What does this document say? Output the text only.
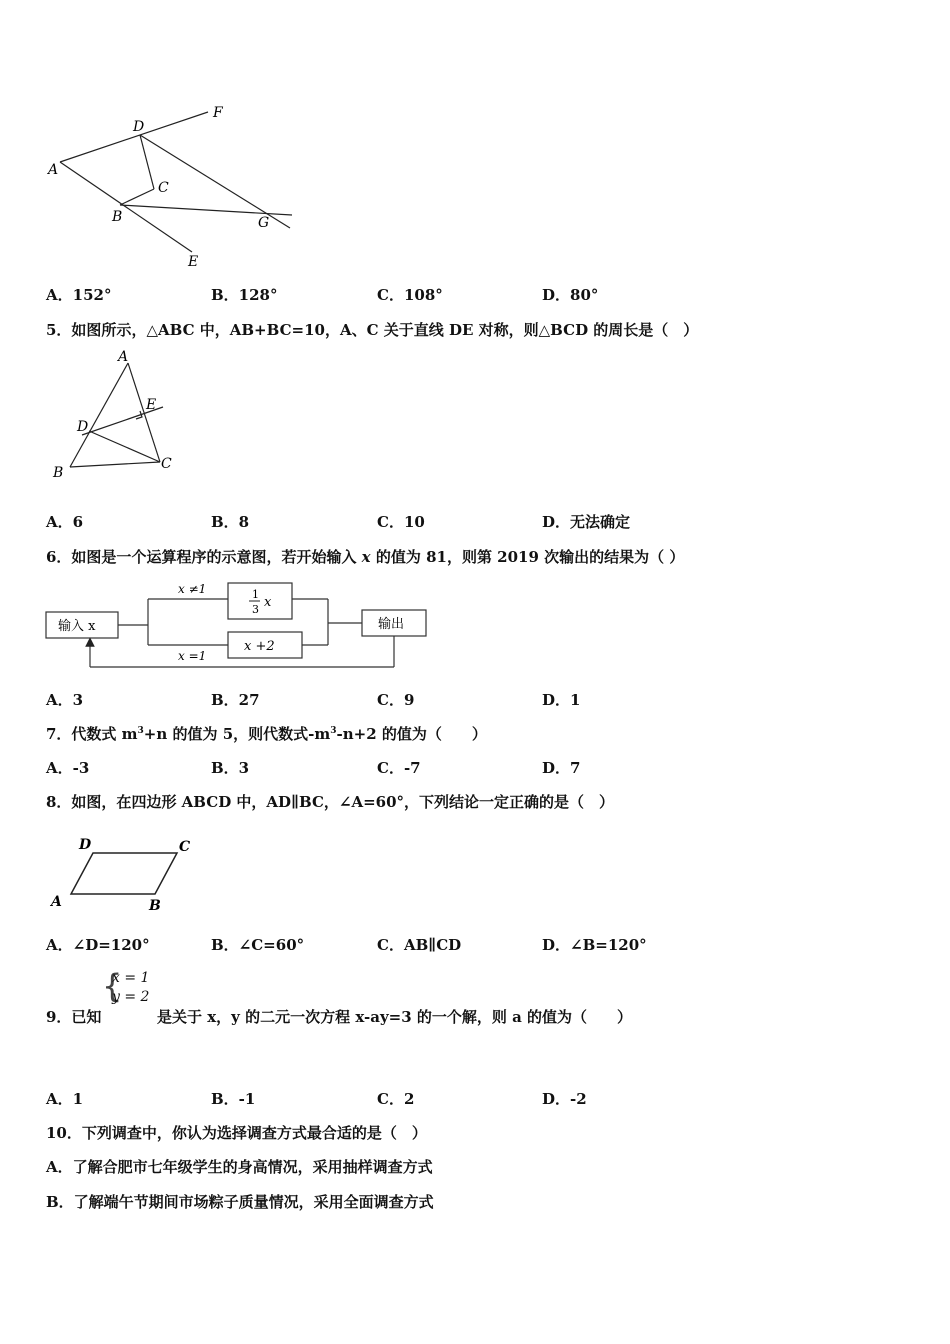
A
D
F
C
B	G
E
A．152°	B．128°	C．108°	D．80°
5．如图所示，△ABC 中，AB+BC=10，A、C 关于直线 DE 对称，则△BCD 的周长是（　）
A
E
D
B
C
A．6	B．8	C．10	D．无法确定
6．如图是一个运算程序的示意图，若开始输入 x 的值为 81，则第 2019 次输出的结果为（ ）
输入 x
x ≠1	1
3 x
x =1
x +2
输出
A．3	B．27	C．9	D．1
7．代数式 $m^3+n$ 的值为 5，则代数式$-m^3-n+2$ 的值为（　　）
A．-3	B．3	C．-7	D．7
8．如图，在四边形 ABCD 中，AD∥BC，∠A=60°，下列结论一定正确的是（　）
D	C
A	B
A．∠D=120°	B．∠C=60°	C．AB∥CD	D．∠B=120°
{
x = 1
y = 2
9．已知	是关于 x，y 的二元一次方程 x-ay=3 的一个解，则 a 的值为（　　）
A．1	B．-1	C．2	D．-2
10．下列调查中，你认为选择调查方式最合适的是（　）
A．了解合肥市七年级学生的身高情况，采用抽样调查方式
B．了解端午节期间市场粽子质量情况，采用全面调查方式
